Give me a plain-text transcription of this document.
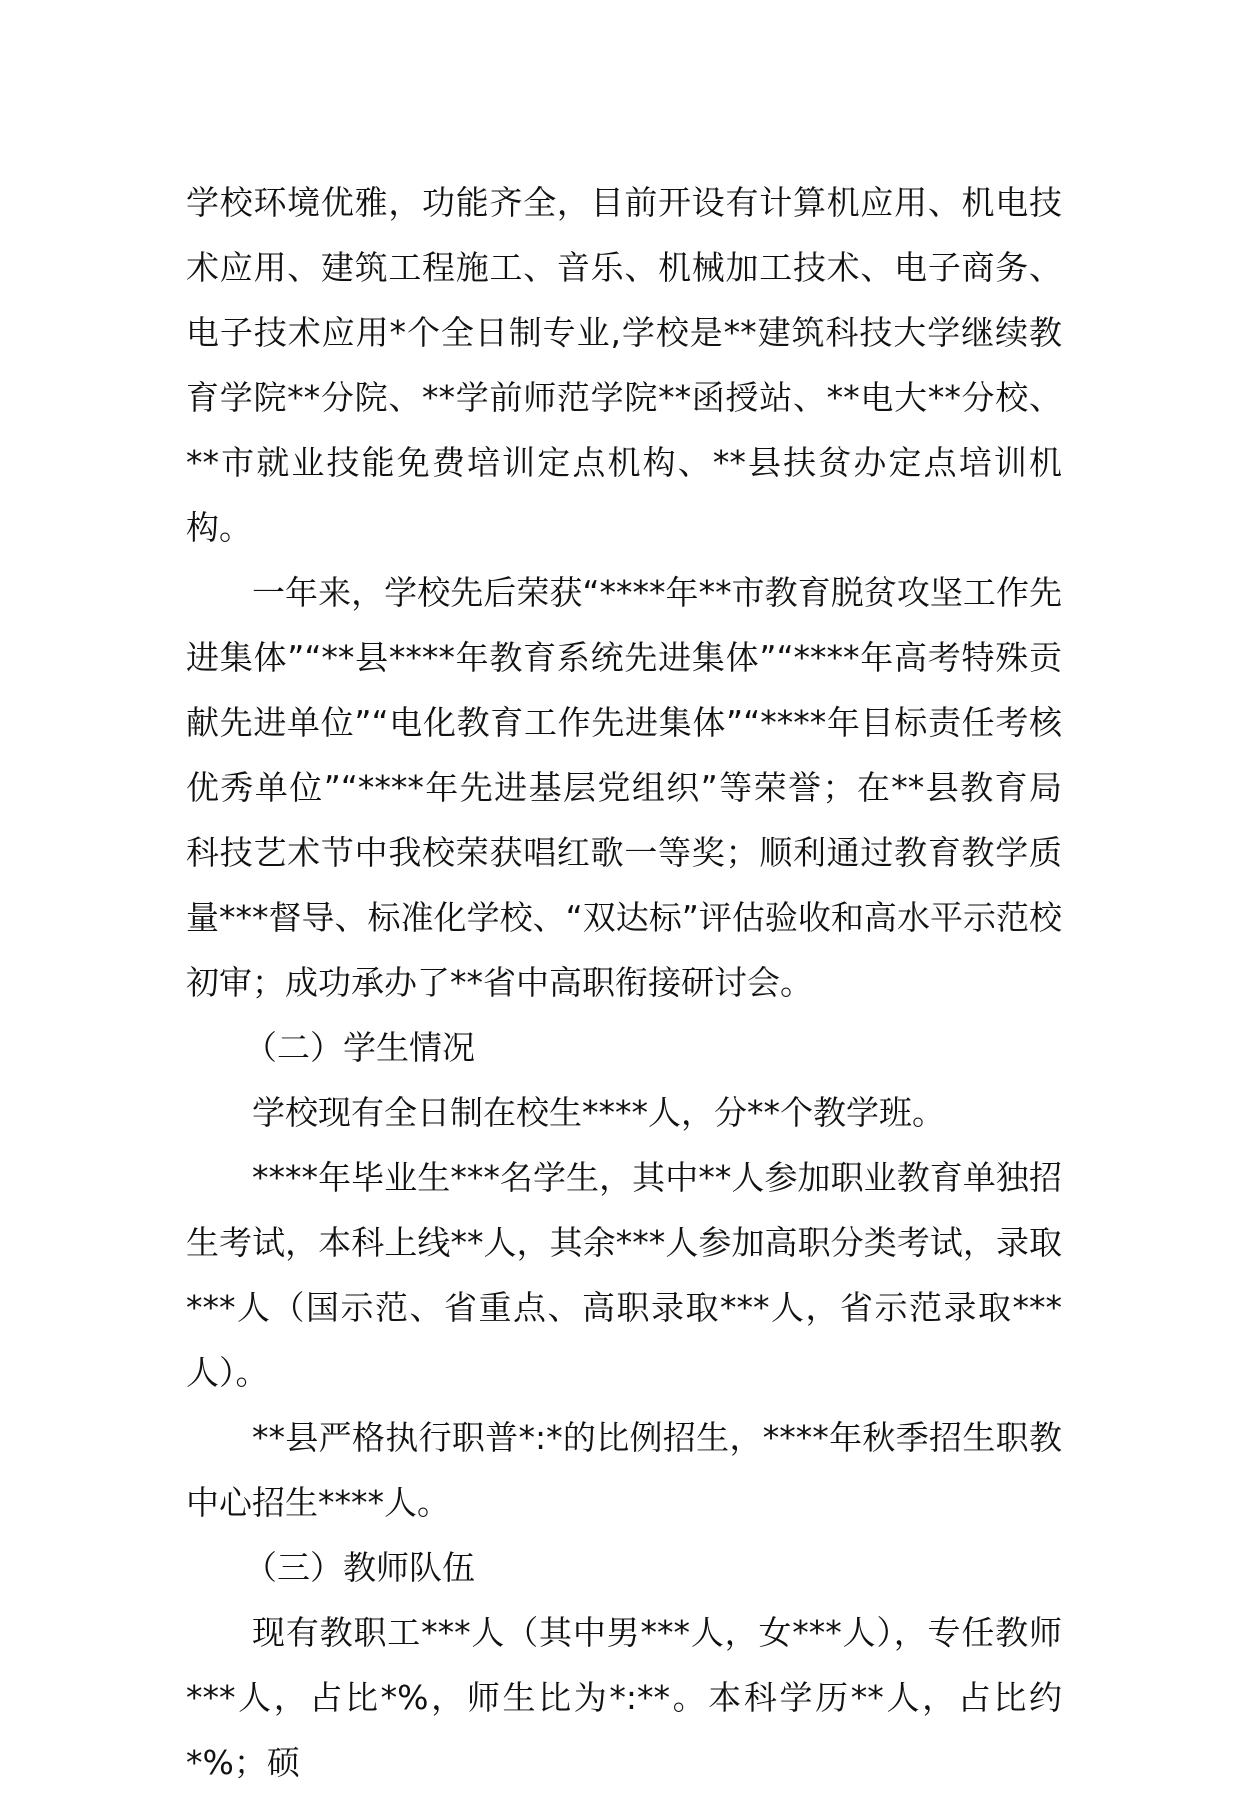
学校环境优雅，功能齐全，目前开设有计算机应用、机电技术应用、建筑工程施工、音乐、机械加工技术、电子商务、电子技术应用*个全日制专业,学校是**建筑科技大学继续教育学院**分院、**学前师范学院**函授站、**电大**分校、**市就业技能免费培训定点机构、**县扶贫办定点培训机构。

一年来，学校先后荣获“****年**市教育脱贫攻坚工作先进集体”“**县****年教育系统先进集体”“****年高考特殊贡献先进单位”“电化教育工作先进集体”“****年目标责任考核优秀单位”“****年先进基层党组织”等荣誉；在**县教育局科技艺术节中我校荣获唱红歌一等奖；顺利通过教育教学质量***督导、标准化学校、“双达标”评估验收和高水平示范校初审；成功承办了**省中高职衔接研讨会。

（二）学生情况

学校现有全日制在校生****人，分**个教学班。

****年毕业生***名学生，其中**人参加职业教育单独招生考试，本科上线**人，其余***人参加高职分类考试，录取***人（国示范、省重点、高职录取***人，省示范录取***人）。

**县严格执行职普*:*的比例招生，****年秋季招生职教中心招生****人。

（三）教师队伍

现有教职工***人（其中男***人，女***人），专任教师***人，占比*%，师生比为*:**。本科学历**人，占比约*%；硕
